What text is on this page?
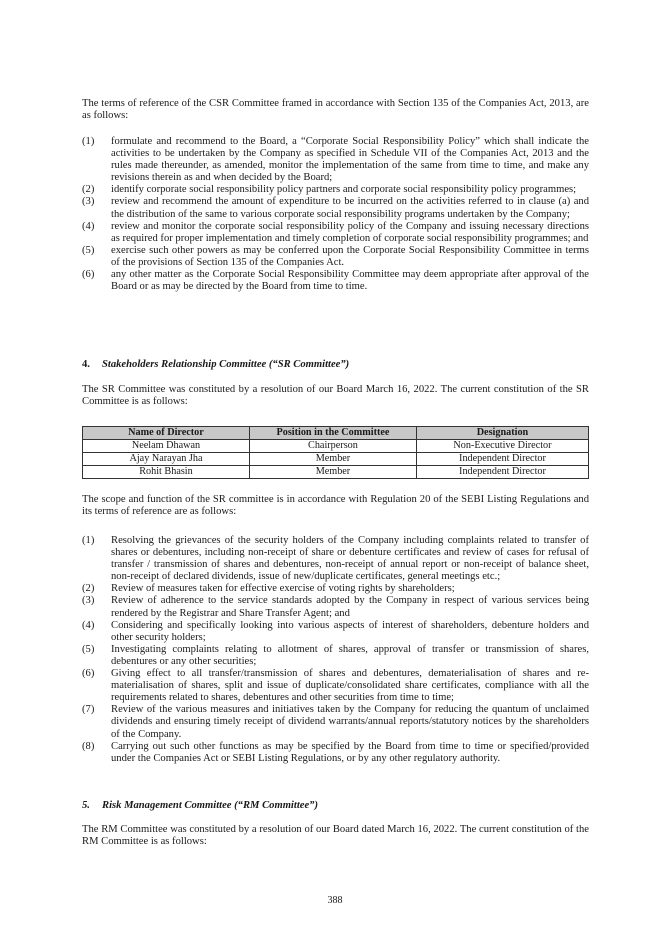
The terms of reference of the CSR Committee framed in accordance with Section 135 of the Companies Act, 2013, are as follows:

(1)	formulate and recommend to the Board, a “Corporate Social Responsibility Policy” which shall indicate the activities to be undertaken by the Company as specified in Schedule VII of the Companies Act, 2013 and the rules made thereunder, as amended, monitor the implementation of the same from time to time, and make any revisions therein as and when decided by the Board;
(2)	identify corporate social responsibility policy partners and corporate social responsibility policy programmes;
(3)	review and recommend the amount of expenditure to be incurred on the activities referred to in clause (a) and the distribution of the same to various corporate social responsibility programs undertaken by the Company;
(4)	review and monitor the corporate social responsibility policy of the Company and issuing necessary directions as required for proper implementation and timely completion of corporate social responsibility programmes; and
(5)	exercise such other powers as may be conferred upon the Corporate Social Responsibility Committee in terms of the provisions of Section 135 of the Companies Act.
(6)	any other matter as the Corporate Social Responsibility Committee may deem appropriate after approval of the Board or as may be directed by the Board from time to time.

4. Stakeholders Relationship Committee (“SR Committee”)

The SR Committee was constituted by a resolution of our Board March 16, 2022. The current constitution of the SR Committee is as follows:

Name of Director	Position in the Committee	Designation
Neelam Dhawan	Chairperson	Non-Executive Director
Ajay Narayan Jha	Member	Independent Director
Rohit Bhasin	Member	Independent Director

The scope and function of the SR committee is in accordance with Regulation 20 of the SEBI Listing Regulations and its terms of reference are as follows:

(1)	Resolving the grievances of the security holders of the Company including complaints related to transfer of shares or debentures, including non-receipt of share or debenture certificates and review of cases for refusal of transfer / transmission of shares and debentures, non-receipt of annual report or non-receipt of balance sheet, non-receipt of declared dividends, issue of new/duplicate certificates, general meetings etc.;
(2)	Review of measures taken for effective exercise of voting rights by shareholders;
(3)	Review of adherence to the service standards adopted by the Company in respect of various services being rendered by the Registrar and Share Transfer Agent; and
(4)	Considering and specifically looking into various aspects of interest of shareholders, debenture holders and other security holders;
(5)	Investigating complaints relating to allotment of shares, approval of transfer or transmission of shares, debentures or any other securities;
(6)	Giving effect to all transfer/transmission of shares and debentures, dematerialisation of shares and re-materialisation of shares, split and issue of duplicate/consolidated share certificates, compliance with all the requirements related to shares, debentures and other securities from time to time;
(7)	Review of the various measures and initiatives taken by the Company for reducing the quantum of unclaimed dividends and ensuring timely receipt of dividend warrants/annual reports/statutory notices by the shareholders of the Company.
(8)	Carrying out such other functions as may be specified by the Board from time to time or specified/provided under the Companies Act or SEBI Listing Regulations, or by any other regulatory authority.

5. Risk Management Committee (“RM Committee”)

The RM Committee was constituted by a resolution of our Board dated March 16, 2022. The current constitution of the RM Committee is as follows:

388
